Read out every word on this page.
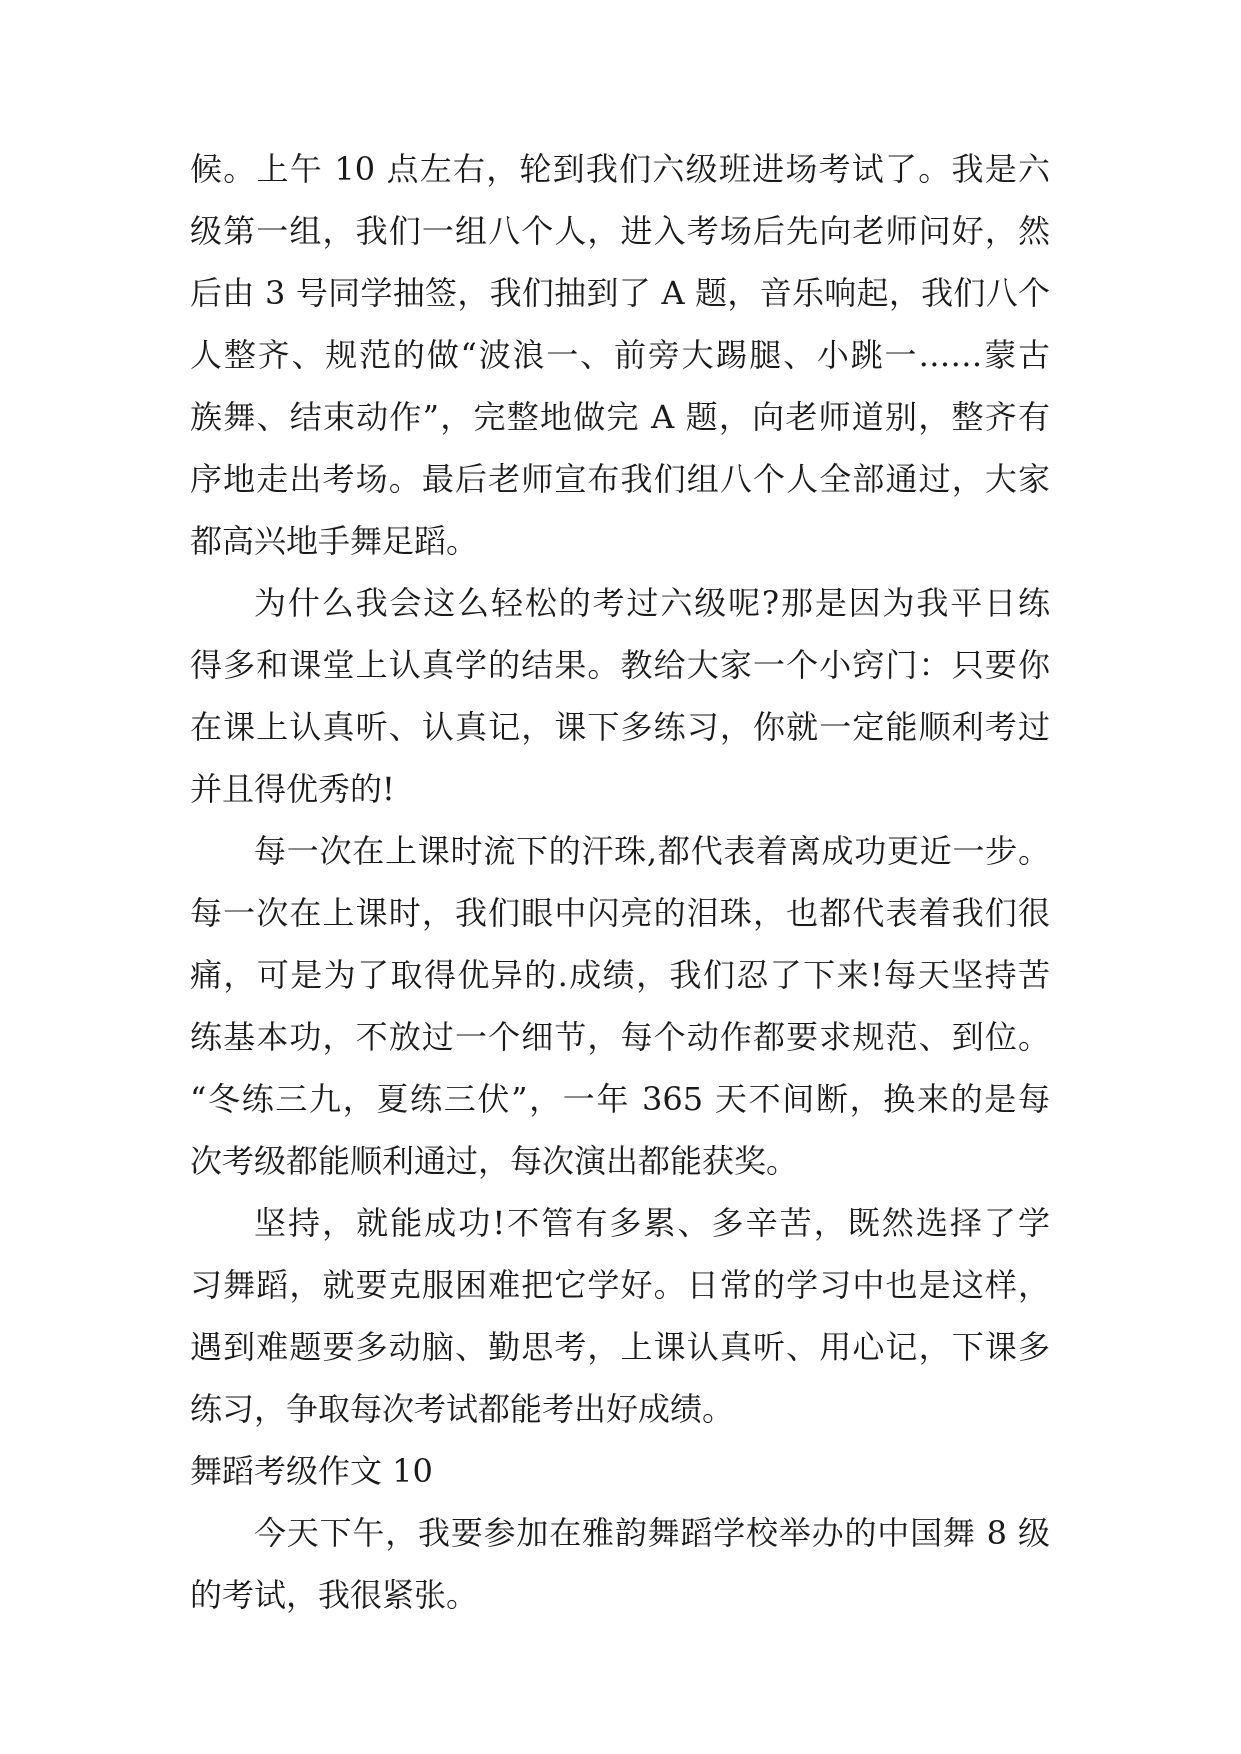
候。上午 10 点左右，轮到我们六级班进场考试了。我是六
级第一组，我们一组八个人，进入考场后先向老师问好，然
后由 3 号同学抽签，我们抽到了 A 题，音乐响起，我们八个
人整齐、规范的做“波浪一、前旁大踢腿、小跳一……蒙古
族舞、结束动作”，完整地做完 A 题，向老师道别，整齐有
序地走出考场。最后老师宣布我们组八个人全部通过，大家
都高兴地手舞足蹈。
为什么我会这么轻松的考过六级呢?那是因为我平日练
得多和课堂上认真学的结果。教给大家一个小窍门：只要你
在课上认真听、认真记，课下多练习，你就一定能顺利考过
并且得优秀的!
每一次在上课时流下的汗珠,都代表着离成功更近一步。
每一次在上课时，我们眼中闪亮的泪珠，也都代表着我们很
痛，可是为了取得优异的.成绩，我们忍了下来!每天坚持苦
练基本功，不放过一个细节，每个动作都要求规范、到位。
“冬练三九，夏练三伏”，一年 365 天不间断，换来的是每
次考级都能顺利通过，每次演出都能获奖。
坚持，就能成功!不管有多累、多辛苦，既然选择了学
习舞蹈，就要克服困难把它学好。日常的学习中也是这样，
遇到难题要多动脑、勤思考，上课认真听、用心记，下课多
练习，争取每次考试都能考出好成绩。
舞蹈考级作文 10
今天下午，我要参加在雅韵舞蹈学校举办的中国舞 8 级
的考试，我很紧张。
